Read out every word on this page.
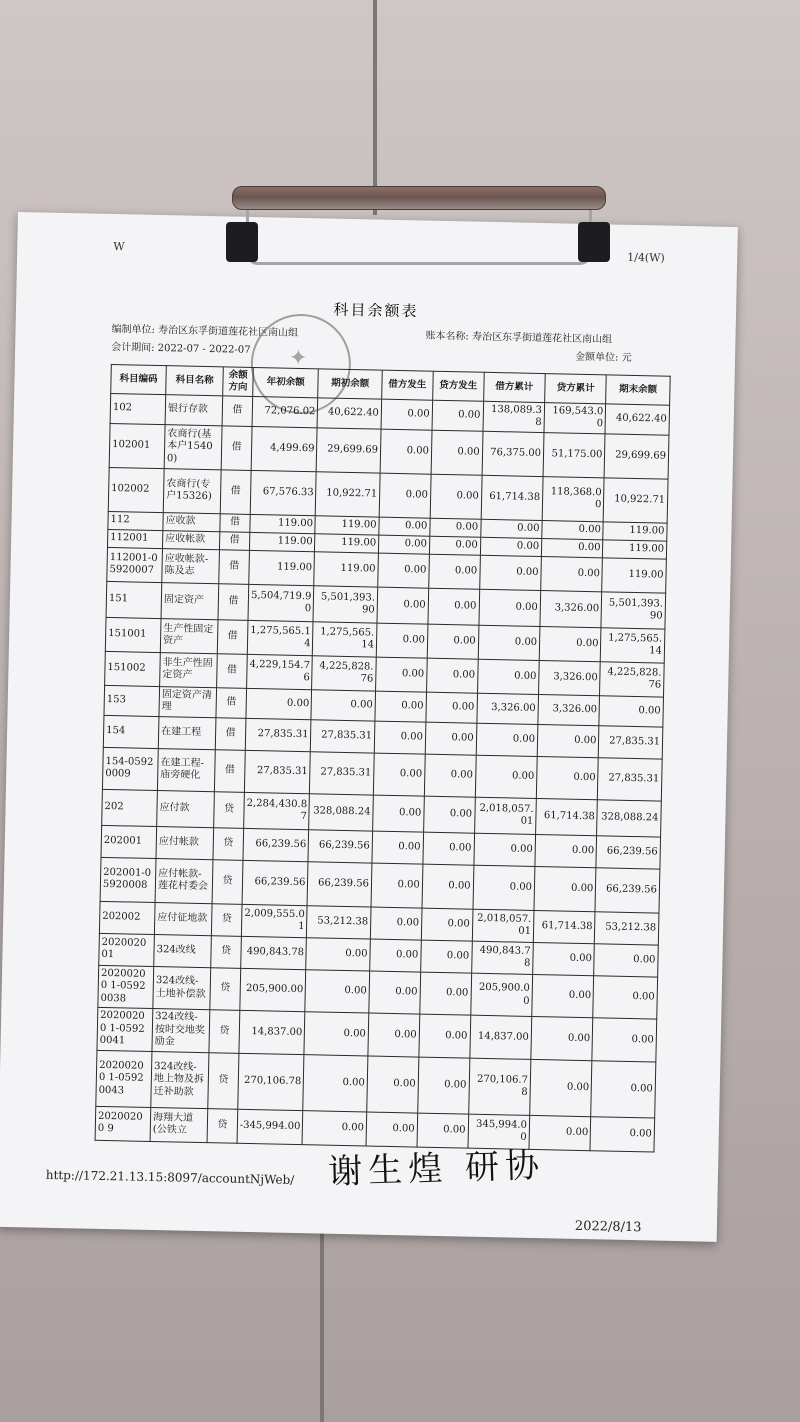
W
1/4(W)
科目余额表
编制单位: 寿治区东孚街道莲花社区南山组
会计期间: 2022-07 - 2022-07
账本名称: 寿治区东孚街道莲花社区南山组
金额单位: 元
✦
科目编码	科目名称	余额方向	年初余额	期初余额	借方发生	贷方发生	借方累计	贷方累计	期末余额
102	银行存款	借	72,076.02	40,622.40	0.00	0.00	138,089.38	169,543.00	40,622.40
102001	农商行(基本户15400)	借	4,499.69	29,699.69	0.00	0.00	76,375.00	51,175.00	29,699.69
102002	农商行(专户15326)	借	67,576.33	10,922.71	0.00	0.00	61,714.38	118,368.00	10,922.71
112	应收款	借	119.00	119.00	0.00	0.00	0.00	0.00	119.00
112001	应收帐款	借	119.00	119.00	0.00	0.00	0.00	0.00	119.00
112001-05920007	应收帐款-陈及志	借	119.00	119.00	0.00	0.00	0.00	0.00	119.00
151	固定资产	借	5,504,719.90	5,501,393.90	0.00	0.00	0.00	3,326.00	5,501,393.90
151001	生产性固定资产	借	1,275,565.14	1,275,565.14	0.00	0.00	0.00	0.00	1,275,565.14
151002	非生产性固定资产	借	4,229,154.76	4,225,828.76	0.00	0.00	0.00	3,326.00	4,225,828.76
153	固定资产清理	借	0.00	0.00	0.00	0.00	3,326.00	3,326.00	0.00
154	在建工程	借	27,835.31	27,835.31	0.00	0.00	0.00	0.00	27,835.31
154-05920009	在建工程-庙旁硬化	借	27,835.31	27,835.31	0.00	0.00	0.00	0.00	27,835.31
202	应付款	贷	2,284,430.87	328,088.24	0.00	0.00	2,018,057.01	61,714.38	328,088.24
202001	应付帐款	贷	66,239.56	66,239.56	0.00	0.00	0.00	0.00	66,239.56
202001-05920008	应付帐款-莲花村委会	贷	66,239.56	66,239.56	0.00	0.00	0.00	0.00	66,239.56
202002	应付征地款	贷	2,009,555.01	53,212.38	0.00	0.00	2,018,057.01	61,714.38	53,212.38
2020020 01	324改线	贷	490,843.78	0.00	0.00	0.00	490,843.78	0.00	0.00
20200200 1-05920038	324改线-土地补偿款	贷	205,900.00	0.00	0.00	0.00	205,900.00	0.00	0.00
20200200 1-05920041	324改线-按时交地奖励金	贷	14,837.00	0.00	0.00	0.00	14,837.00	0.00	0.00
20200200 1-05920043	324改线-地上物及拆迁补助款	贷	270,106.78	0.00	0.00	0.00	270,106.78	0.00	0.00
20200200 9	海翔大道(公铁立	贷	-345,994.00	0.00	0.00	0.00	345,994.00	0.00	0.00
http://172.21.13.15:8097/accountNjWeb/ 谢生煌 研协
2022/8/13
